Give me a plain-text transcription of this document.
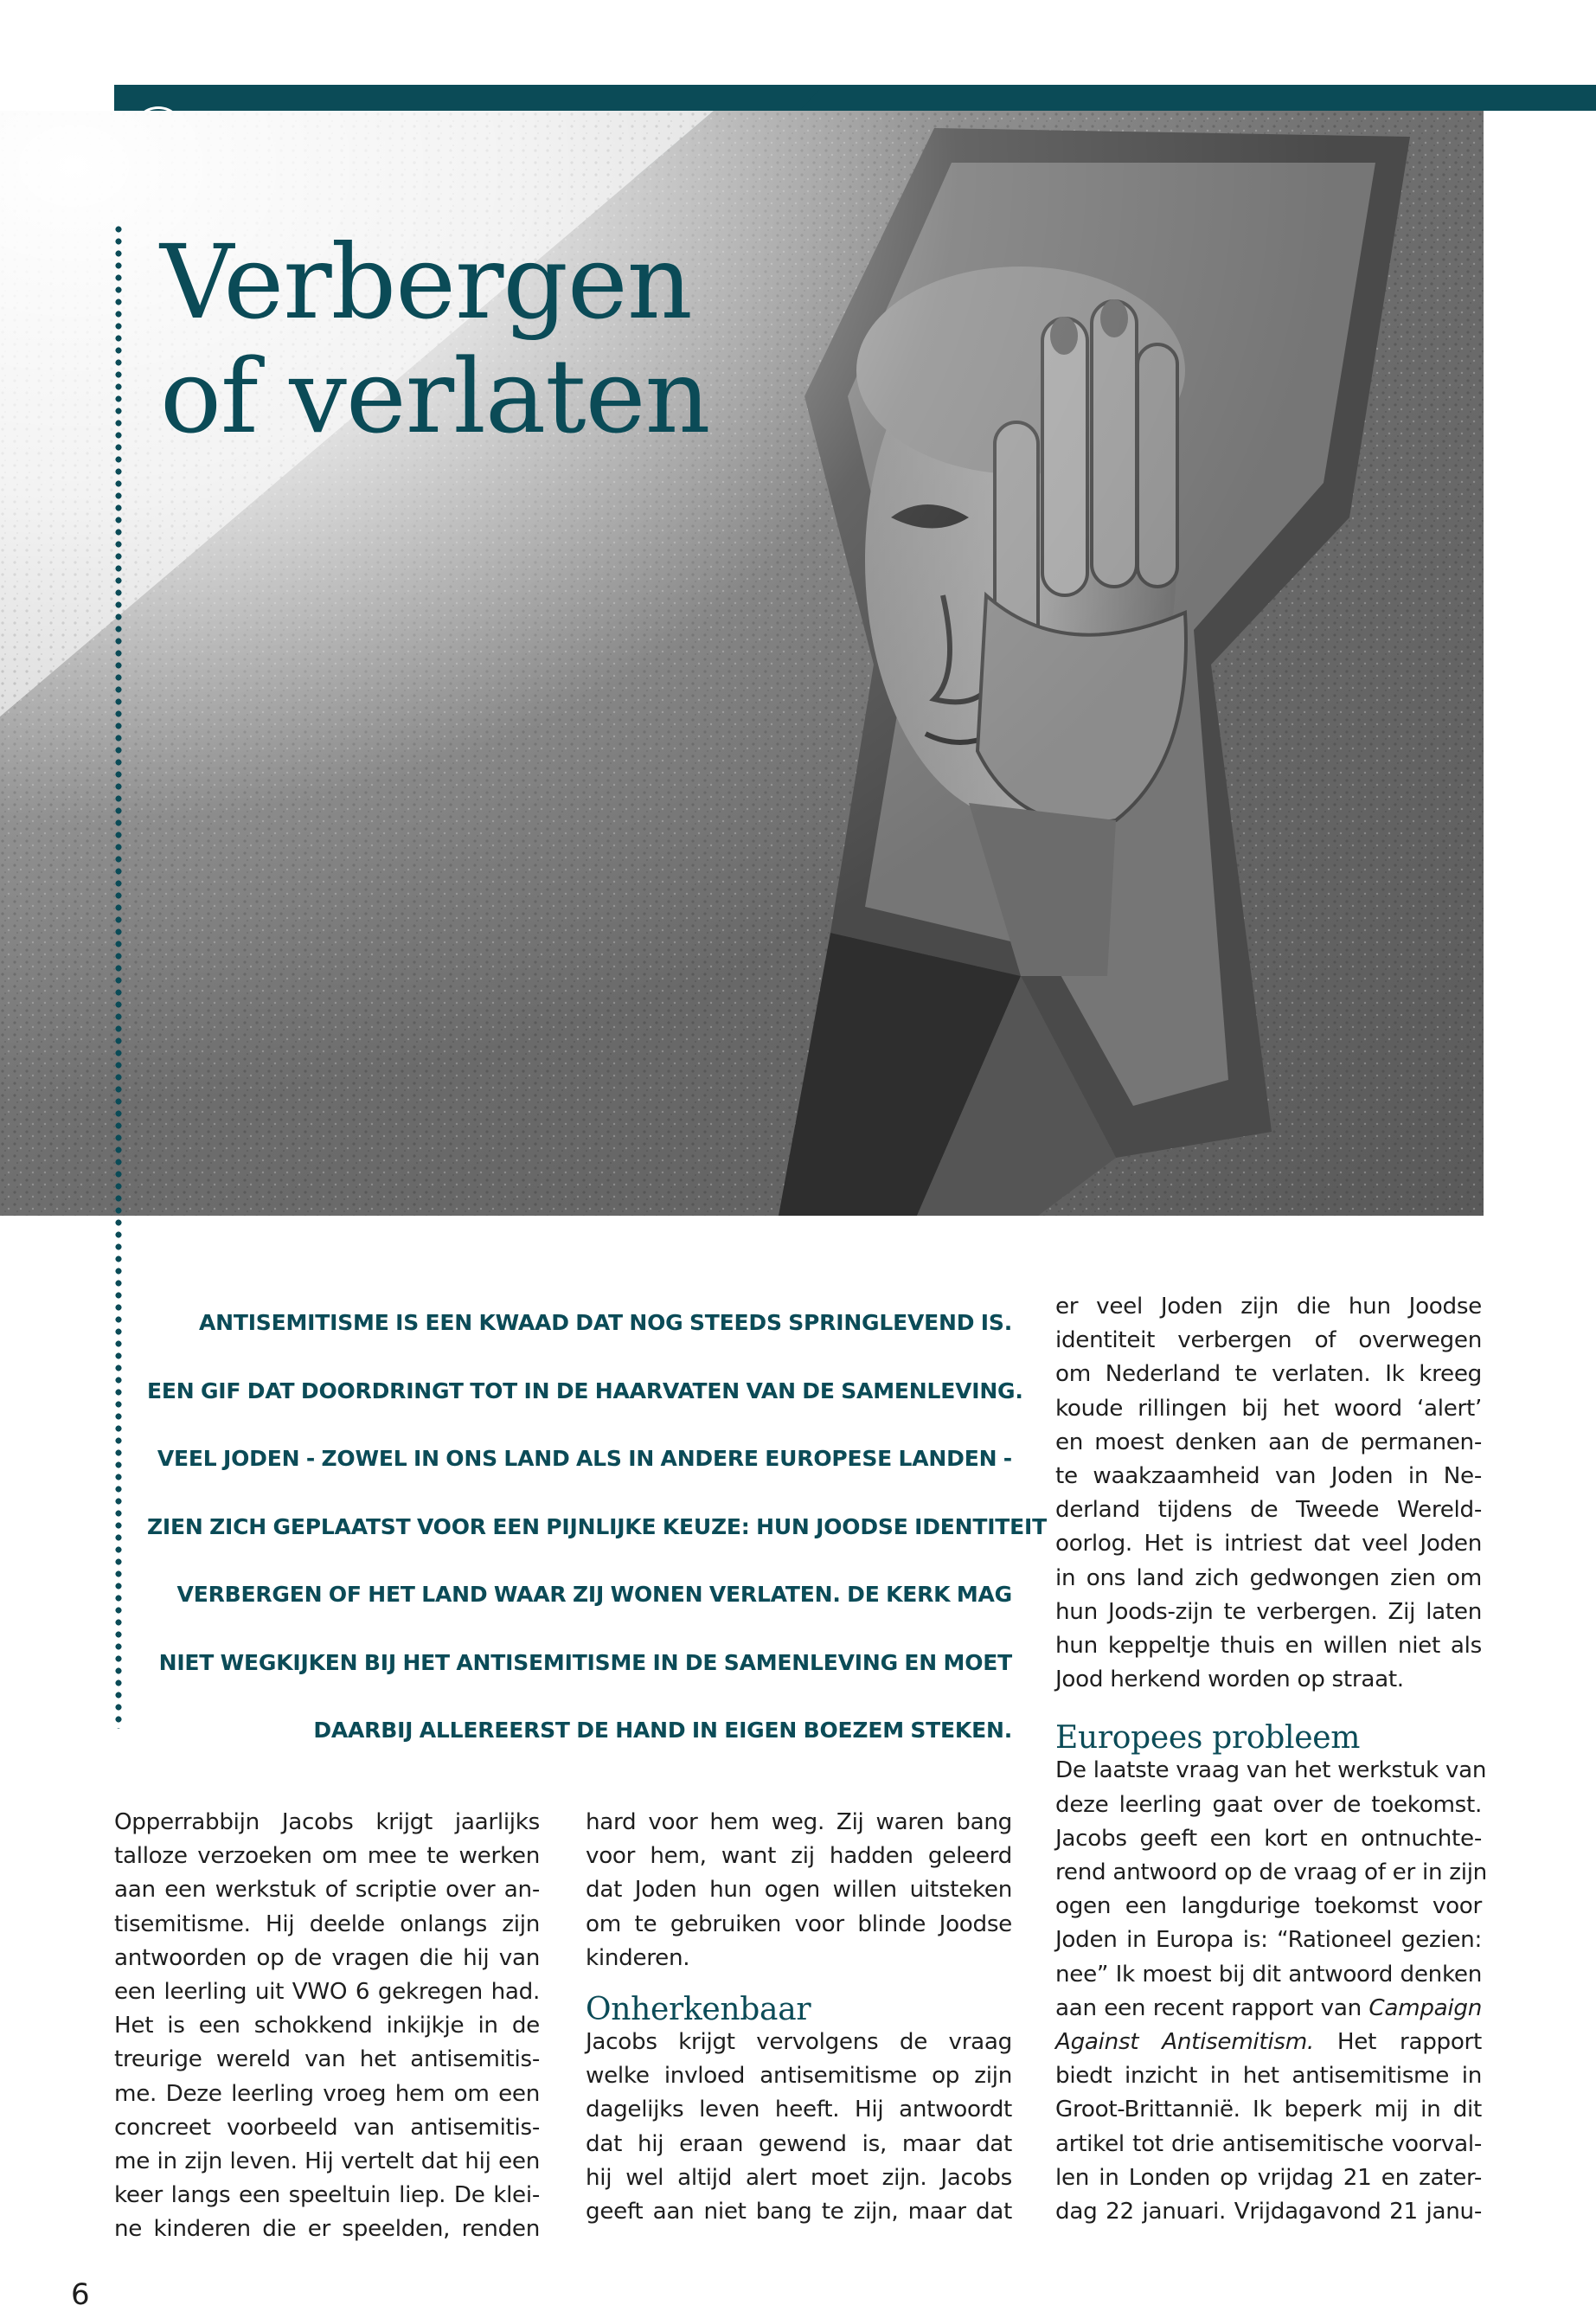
Verbergen
of verlaten
ANTISEMITISME IS EEN KWAAD DAT NOG STEEDS SPRINGLEVEND IS.
EEN GIF DAT DOORDRINGT TOT IN DE HAARVATEN VAN DE SAMENLEVING.
VEEL JODEN - ZOWEL IN ONS LAND ALS IN ANDERE EUROPESE LANDEN -
ZIEN ZICH GEPLAATST VOOR EEN PIJNLIJKE KEUZE: HUN JOODSE IDENTITEIT
VERBERGEN OF HET LAND WAAR ZIJ WONEN VERLATEN. DE KERK MAG
NIET WEGKIJKEN BIJ HET ANTISEMITISME IN DE SAMENLEVING EN MOET
DAARBIJ ALLEREERST DE HAND IN EIGEN BOEZEM STEKEN.
Opperrabbijn Jacobs krijgt jaarlijks
talloze verzoeken om mee te werken
aan een werkstuk of scriptie over an-
tisemitisme. Hij deelde onlangs zijn
antwoorden op de vragen die hij van
een leerling uit VWO 6 gekregen had.
Het is een schokkend inkijkje in de
treurige wereld van het antisemitis-
me. Deze leerling vroeg hem om een
concreet voorbeeld van antisemitis-
me in zijn leven. Hij vertelt dat hij een
keer langs een speeltuin liep. De klei-
ne kinderen die er speelden, renden
hard voor hem weg. Zij waren bang
voor hem, want zij hadden geleerd
dat Joden hun ogen willen uitsteken
om te gebruiken voor blinde Joodse
kinderen.
Onherkenbaar
Jacobs krijgt vervolgens de vraag
welke invloed antisemitisme op zijn
dagelijks leven heeft. Hij antwoordt
dat hij eraan gewend is, maar dat
hij wel altijd alert moet zijn. Jacobs
geeft aan niet bang te zijn, maar dat
er veel Joden zijn die hun Joodse
identiteit verbergen of overwegen
om Nederland te verlaten. Ik kreeg
koude rillingen bij het woord ‘alert’
en moest denken aan de permanen-
te waakzaamheid van Joden in Ne-
derland tijdens de Tweede Wereld-
oorlog. Het is intriest dat veel Joden
in ons land zich gedwongen zien om
hun Joods-zijn te verbergen. Zij laten
hun keppeltje thuis en willen niet als
Jood herkend worden op straat.
Europees probleem
De laatste vraag van het werkstuk van
deze leerling gaat over de toekomst.
Jacobs geeft een kort en ontnuchte-
rend antwoord op de vraag of er in zijn
ogen een langdurige toekomst voor
Joden in Europa is: “Rationeel gezien:
nee” Ik moest bij dit antwoord denken
aan een recent rapport van Campaign
Against Antisemitism. Het rapport
biedt inzicht in het antisemitisme in
Groot-Brittannië. Ik beperk mij in dit
artikel tot drie antisemitische voorval-
len in Londen op vrijdag 21 en zater-
dag 22 januari. Vrijdagavond 21 janu-
6
